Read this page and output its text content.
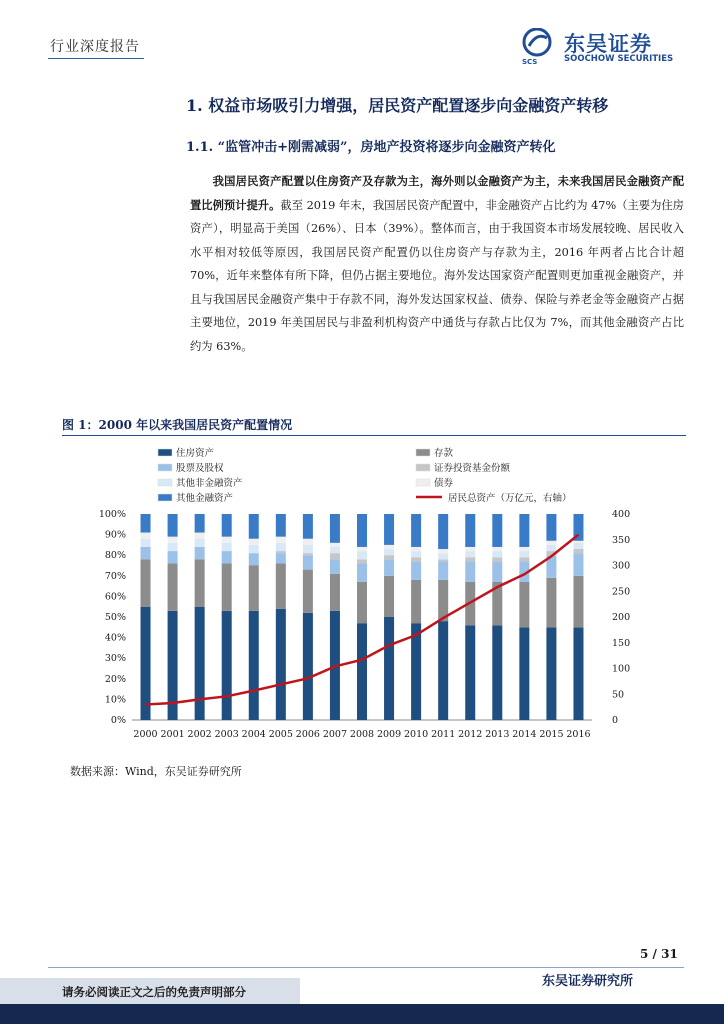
行业深度报告
SCS
东吴证券
SOOCHOW SECURITIES
1. 权益市场吸引力增强，居民资产配置逐步向金融资产转移
1.1. “监管冲击+刚需减弱”，房地产投资将逐步向金融资产转化
我国居民资产配置以住房资产及存款为主，海外则以金融资产为主，未来我国居民金融资产配置比例预计提升。截至 2019 年末，我国居民资产配置中，非金融资产占比约为 47%（主要为住房资产），明显高于美国（26%）、日本（39%）。整体而言，由于我国资本市场发展较晚、居民收入水平相对较低等原因，我国居民资产配置仍以住房资产与存款为主，2016 年两者占比合计超 70%，近年来整体有所下降，但仍占据主要地位。海外发达国家资产配置则更加重视金融资产，并且与我国居民金融资产集中于存款不同，海外发达国家权益、债券、保险与养老金等金融资产占据主要地位，2019 年美国居民与非盈利机构资产中通货与存款占比仅为 7%，而其他金融资产占比约为 63%。
图 1：2000 年以来我国居民资产配置情况
住房资产	存款
股票及股权	证券投资基金份额
其他非金融资产	债券
其他金融资产	居民总资产（万亿元，右轴）
0%
10%
20%
30%
40%
50%
60%
70%
80%
90%
100%
0
50
100
150
200
250
300
350
400
2000 2001 2002 2003 2004 2005 2006 2007 2008 2009 2010 2011 2012 2013 2014 2015 2016
数据来源：Wind，东吴证券研究所
5 / 31
东吴证券研究所
请务必阅读正文之后的免责声明部分
